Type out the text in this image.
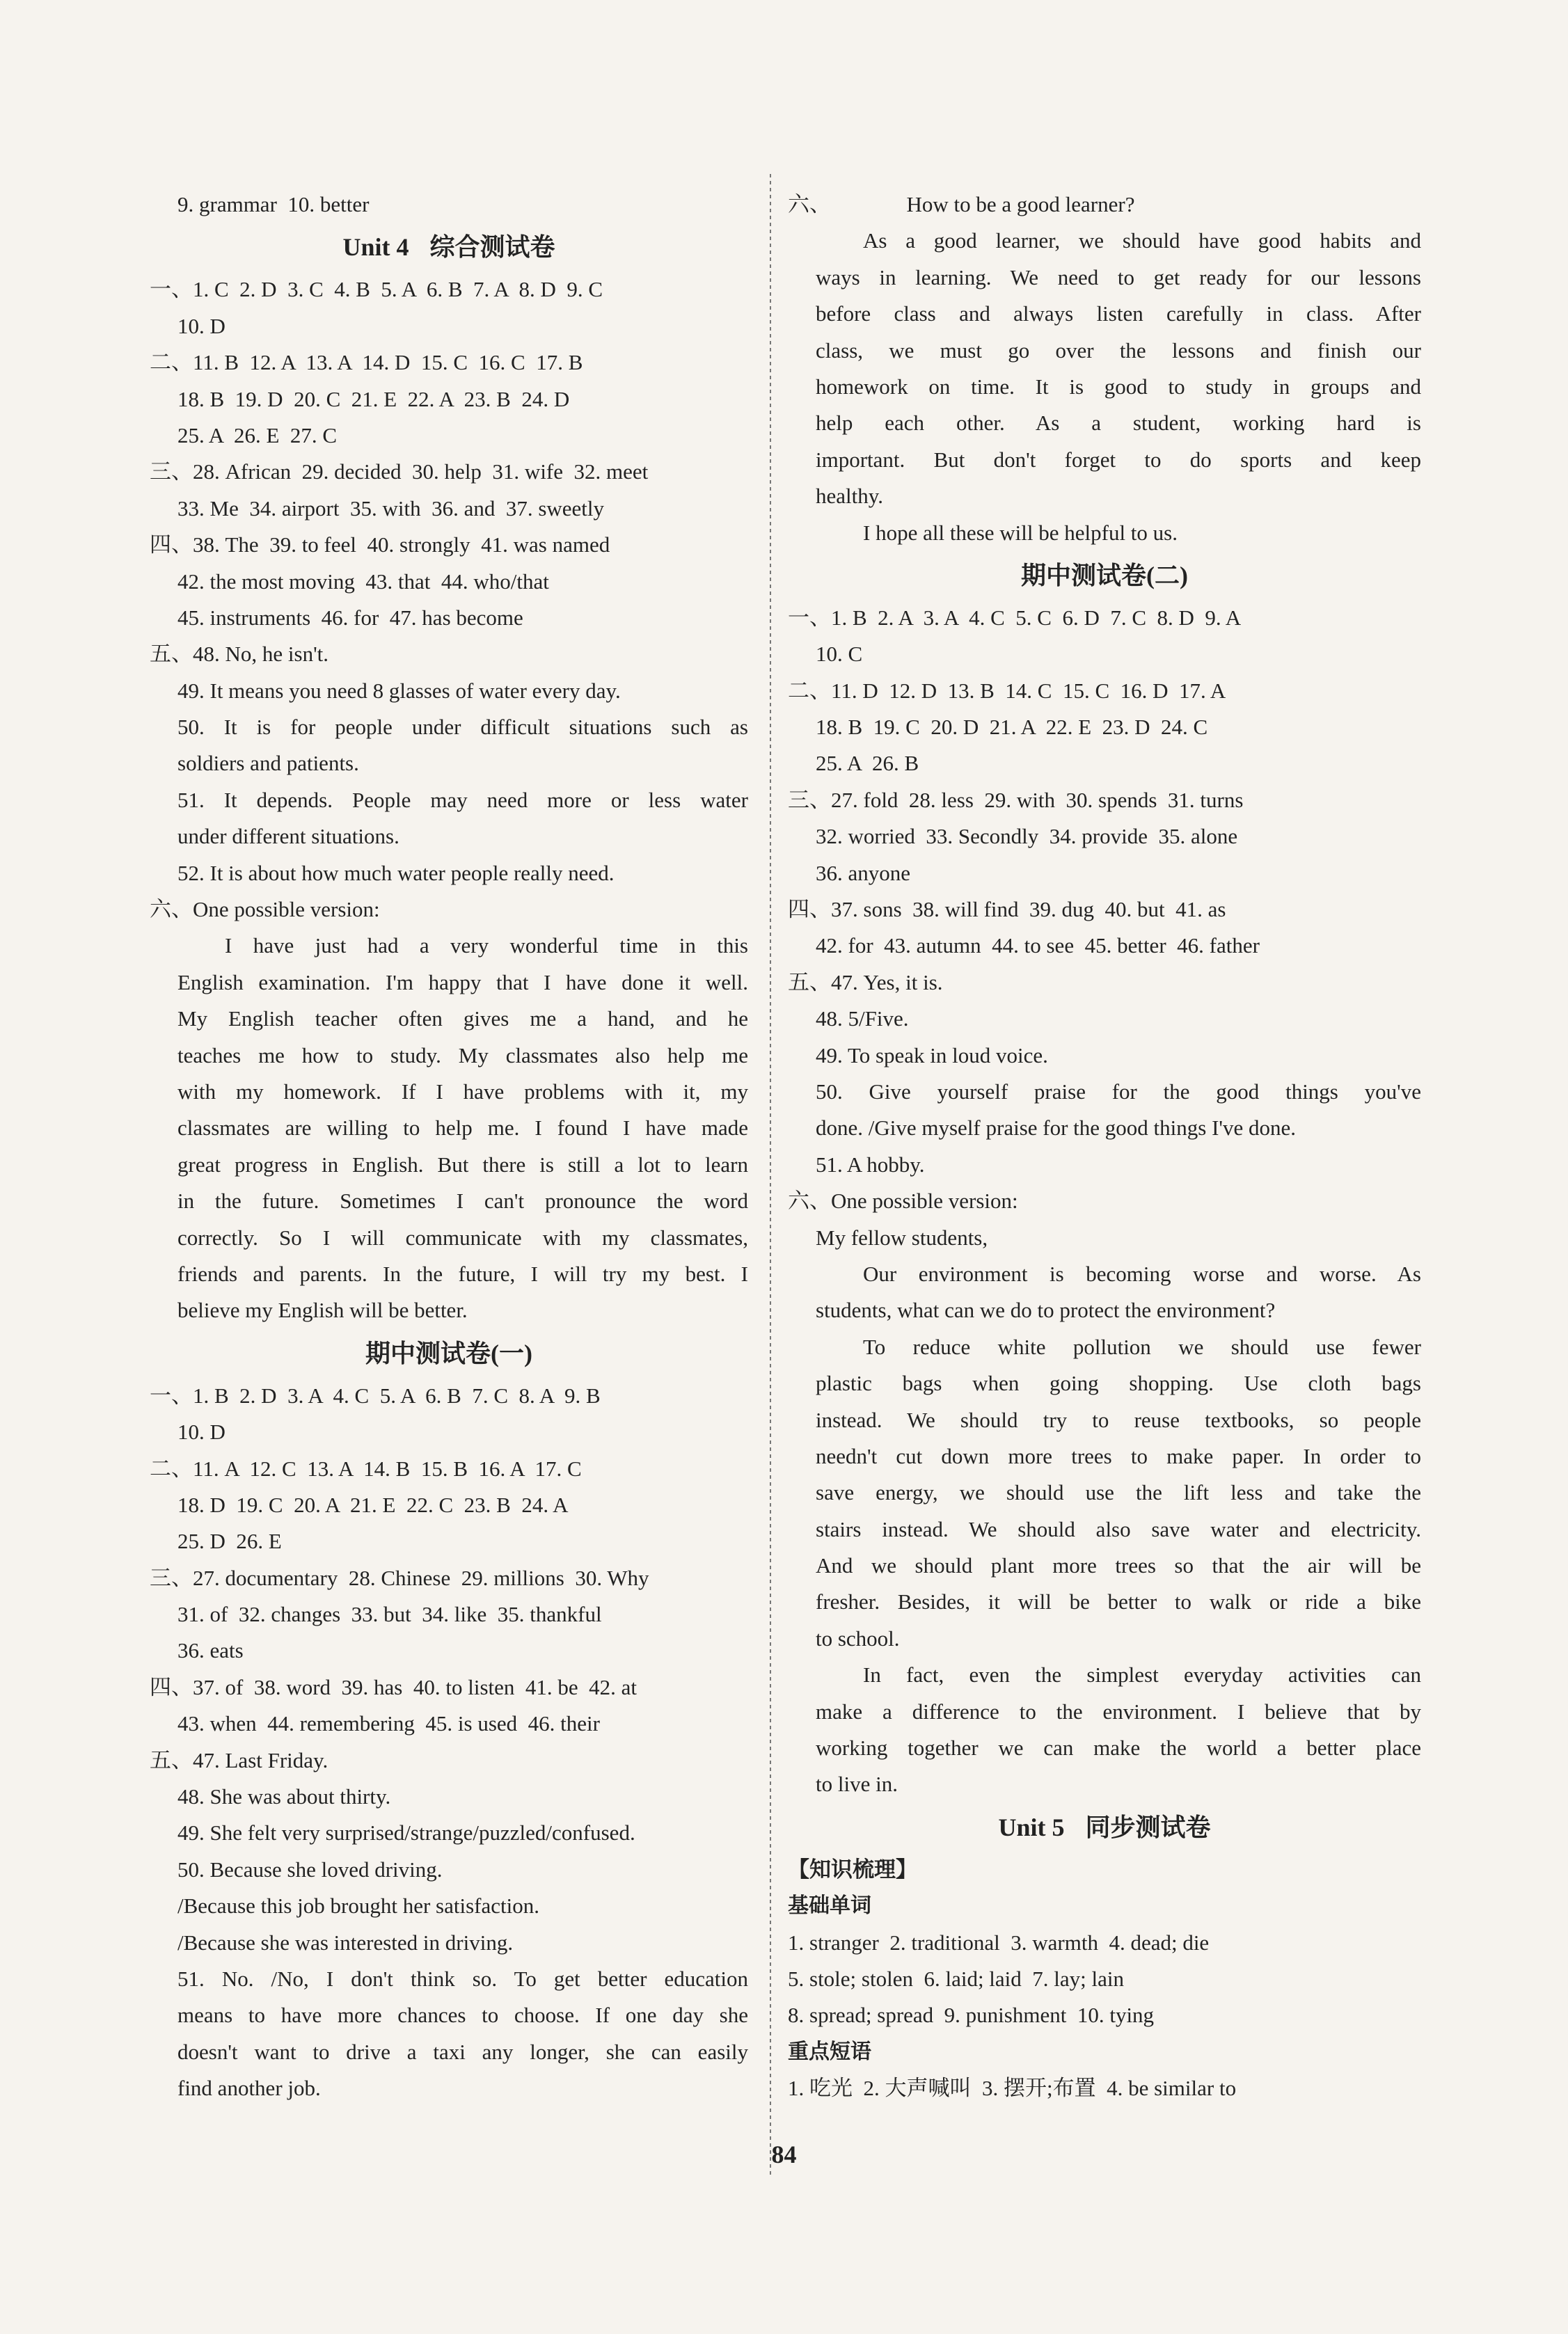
9. grammar  10. better
Unit 4 综合测试卷
一、1. C  2. D  3. C  4. B  5. A  6. B  7. A  8. D  9. C
10. D
二、11. B  12. A  13. A  14. D  15. C  16. C  17. B
18. B  19. D  20. C  21. E  22. A  23. B  24. D
25. A  26. E  27. C
三、28. African  29. decided  30. help  31. wife  32. meet
33. Me  34. airport  35. with  36. and  37. sweetly
四、38. The  39. to feel  40. strongly  41. was named
42. the most moving  43. that  44. who/that
45. instruments  46. for  47. has become
五、48. No, he isn't.
49. It means you need 8 glasses of water every day.
50. It is for people under difficult situations such as
soldiers and patients.
51. It depends. People may need more or less water
under different situations.
52. It is about how much water people really need.
六、One possible version:
I have just had a very wonderful time in this
English examination. I'm happy that I have done it well.
My English teacher often gives me a hand, and he
teaches me how to study. My classmates also help me
with my homework. If I have problems with it, my
classmates are willing to help me. I found I have made
great progress in English. But there is still a lot to learn
in the future. Sometimes I can't pronounce the word
correctly. So I will communicate with my classmates,
friends and parents. In the future, I will try my best. I
believe my English will be better.
期中测试卷(一)
一、1. B  2. D  3. A  4. C  5. A  6. B  7. C  8. A  9. B
10. D
二、11. A  12. C  13. A  14. B  15. B  16. A  17. C
18. D  19. C  20. A  21. E  22. C  23. B  24. A
25. D  26. E
三、27. documentary  28. Chinese  29. millions  30. Why
31. of  32. changes  33. but  34. like  35. thankful
36. eats
四、37. of  38. word  39. has  40. to listen  41. be  42. at
43. when  44. remembering  45. is used  46. their
五、47. Last Friday.
48. She was about thirty.
49. She felt very surprised/strange/puzzled/confused.
50. Because she loved driving.
/Because this job brought her satisfaction.
/Because she was interested in driving.
51. No. /No, I don't think so. To get better education
means to have more chances to choose. If one day she
doesn't want to drive a taxi any longer, she can easily
find another job.
六、              How to be a good learner?
As a good learner, we should have good habits and
ways in learning. We need to get ready for our lessons
before class and always listen carefully in class. After
class, we must go over the lessons and finish our
homework on time. It is good to study in groups and
help each other. As a student, working hard is
important. But don't forget to do sports and keep
healthy.
I hope all these will be helpful to us.
期中测试卷(二)
一、1. B  2. A  3. A  4. C  5. C  6. D  7. C  8. D  9. A
10. C
二、11. D  12. D  13. B  14. C  15. C  16. D  17. A
18. B  19. C  20. D  21. A  22. E  23. D  24. C
25. A  26. B
三、27. fold  28. less  29. with  30. spends  31. turns
32. worried  33. Secondly  34. provide  35. alone
36. anyone
四、37. sons  38. will find  39. dug  40. but  41. as
42. for  43. autumn  44. to see  45. better  46. father
五、47. Yes, it is.
48. 5/Five.
49. To speak in loud voice.
50. Give yourself praise for the good things you've
done. /Give myself praise for the good things I've done.
51. A hobby.
六、One possible version:
My fellow students,
Our environment is becoming worse and worse. As
students, what can we do to protect the environment?
To reduce white pollution we should use fewer
plastic bags when going shopping. Use cloth bags
instead. We should try to reuse textbooks, so people
needn't cut down more trees to make paper. In order to
save energy, we should use the lift less and take the
stairs instead. We should also save water and electricity.
And we should plant more trees so that the air will be
fresher. Besides, it will be better to walk or ride a bike
to school.
In fact, even the simplest everyday activities can
make a difference to the environment. I believe that by
working together we can make the world a better place
to live in.
Unit 5 同步测试卷
【知识梳理】
基础单词
1. stranger  2. traditional  3. warmth  4. dead; die
5. stole; stolen  6. laid; laid  7. lay; lain
8. spread; spread  9. punishment  10. tying
重点短语
1. 吃光  2. 大声喊叫  3. 摆开;布置  4. be similar to
84
